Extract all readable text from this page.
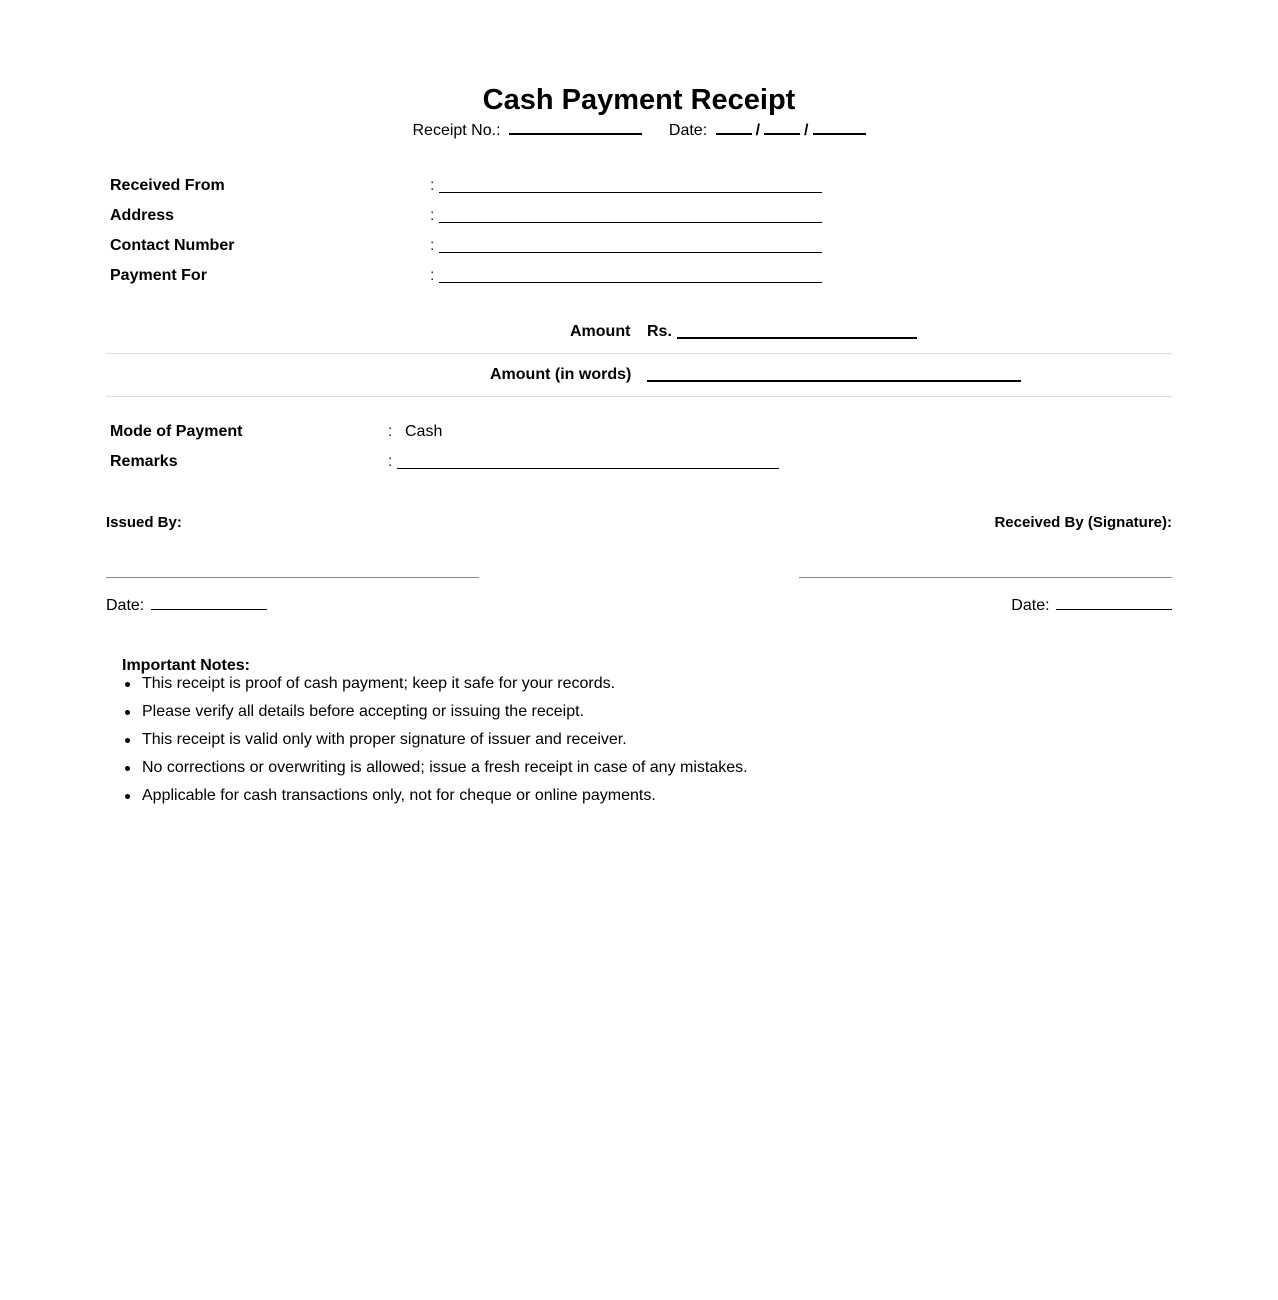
Cash Payment Receipt
Receipt No.:	Date:	/	/
Received From	:
Address	:
Contact Number	:
Payment For	:
Amount Rs.
Amount (in words)
Mode of Payment	: Cash
Remarks	:
Issued By:	Received By (Signature):
Date:	Date:
Important Notes:
This receipt is proof of cash payment; keep it safe for your records.
Please verify all details before accepting or issuing the receipt.
This receipt is valid only with proper signature of issuer and receiver.
No corrections or overwriting is allowed; issue a fresh receipt in case of any mistakes.
Applicable for cash transactions only, not for cheque or online payments.
